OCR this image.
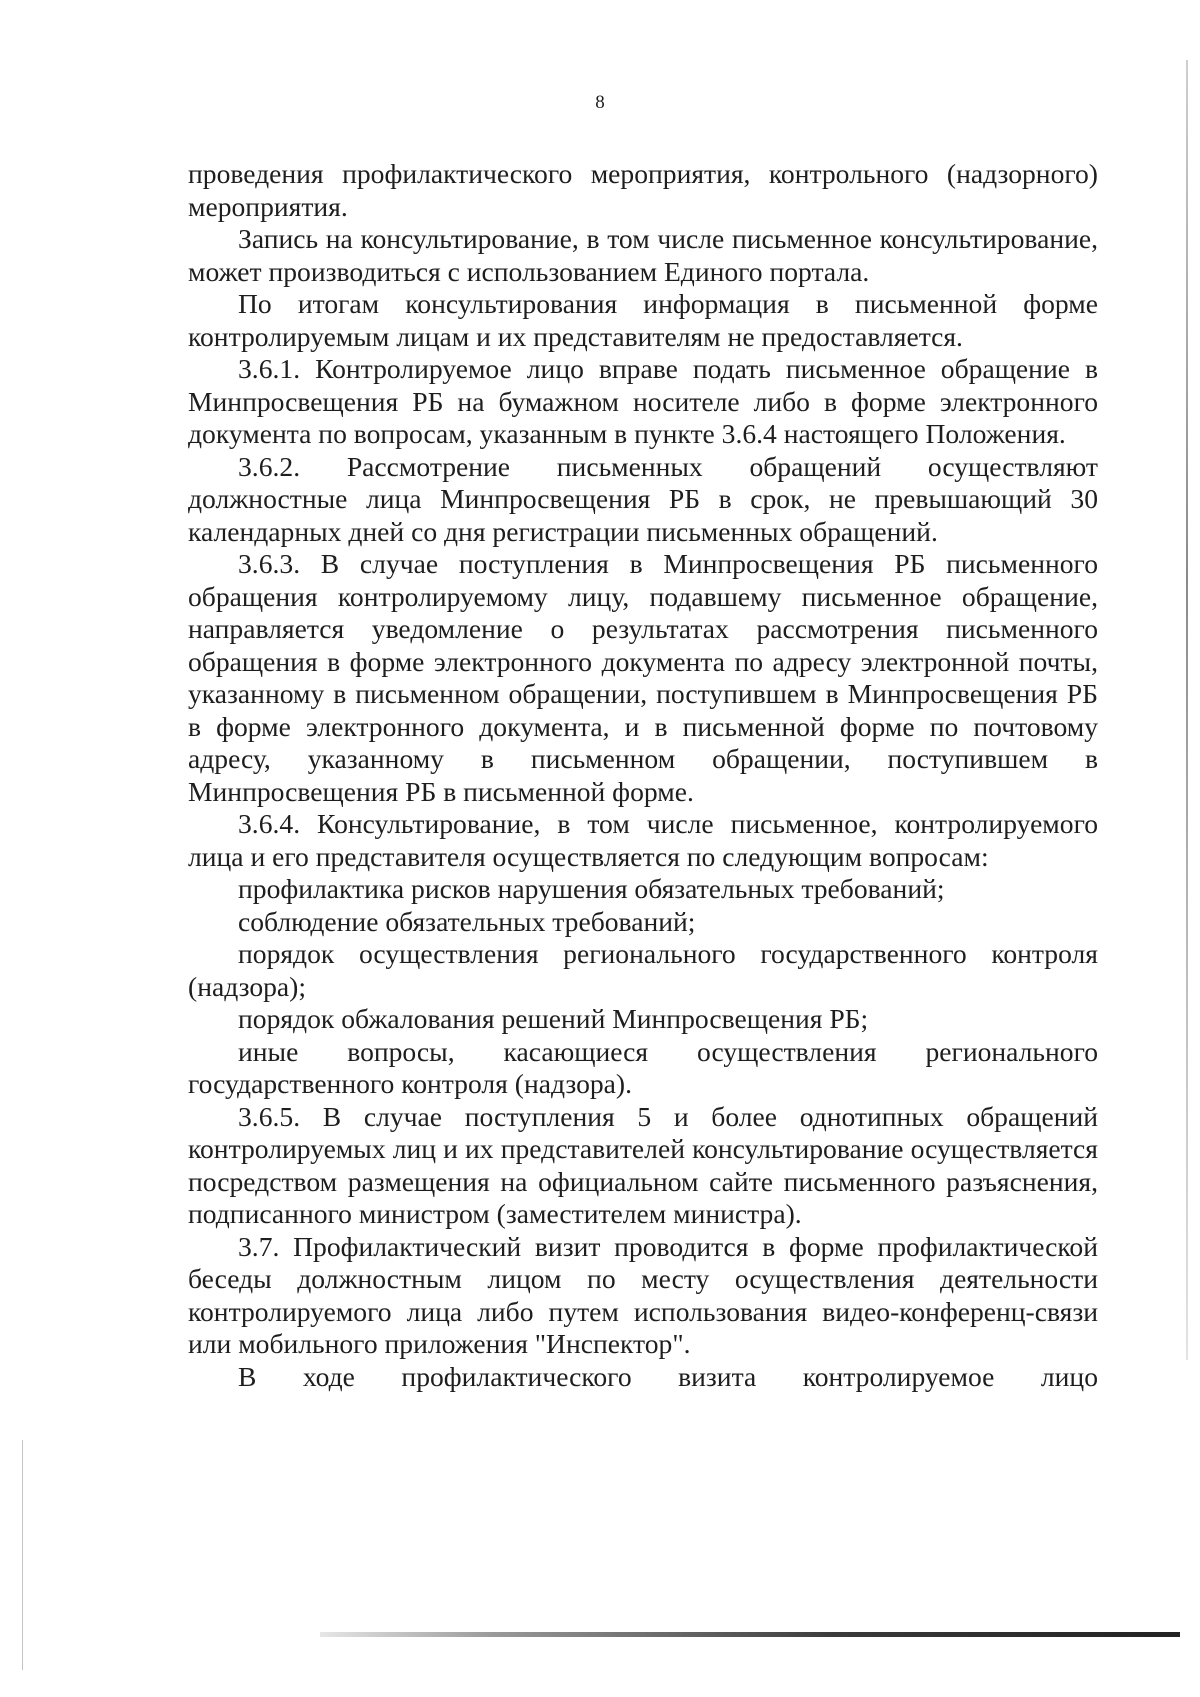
8

проведения профилактического мероприятия, контрольного (надзорного) мероприятия.

Запись на консультирование, в том числе письменное консультирование, может производиться с использованием Единого портала.

По итогам консультирования информация в письменной форме контролируемым лицам и их представителям не предоставляется.

3.6.1. Контролируемое лицо вправе подать письменное обращение в Минпросвещения РБ на бумажном носителе либо в форме электронного документа по вопросам, указанным в пункте 3.6.4 настоящего Положения.

3.6.2. Рассмотрение письменных обращений осуществляют должностные лица Минпросвещения РБ в срок, не превышающий 30 календарных дней со дня регистрации письменных обращений.

3.6.3. В случае поступления в Минпросвещения РБ письменного обращения контролируемому лицу, подавшему письменное обращение, направляется уведомление о результатах рассмотрения письменного обращения в форме электронного документа по адресу электронной почты, указанному в письменном обращении, поступившем в Минпросвещения РБ в форме электронного документа, и в письменной форме по почтовому адресу, указанному в письменном обращении, поступившем в Минпросвещения РБ в письменной форме.

3.6.4. Консультирование, в том числе письменное, контролируемого лица и его представителя осуществляется по следующим вопросам:

профилактика рисков нарушения обязательных требований;

соблюдение обязательных требований;

порядок осуществления регионального государственного контроля (надзора);

порядок обжалования решений Минпросвещения РБ;

иные вопросы, касающиеся осуществления регионального государственного контроля (надзора).

3.6.5. В случае поступления 5 и более однотипных обращений контролируемых лиц и их представителей консультирование осуществляется посредством размещения на официальном сайте письменного разъяснения, подписанного министром (заместителем министра).

3.7. Профилактический визит проводится в форме профилактической беседы должностным лицом по месту осуществления деятельности контролируемого лица либо путем использования видео-конференц-связи или мобильного приложения "Инспектор".

В ходе профилактического визита контролируемое лицо
